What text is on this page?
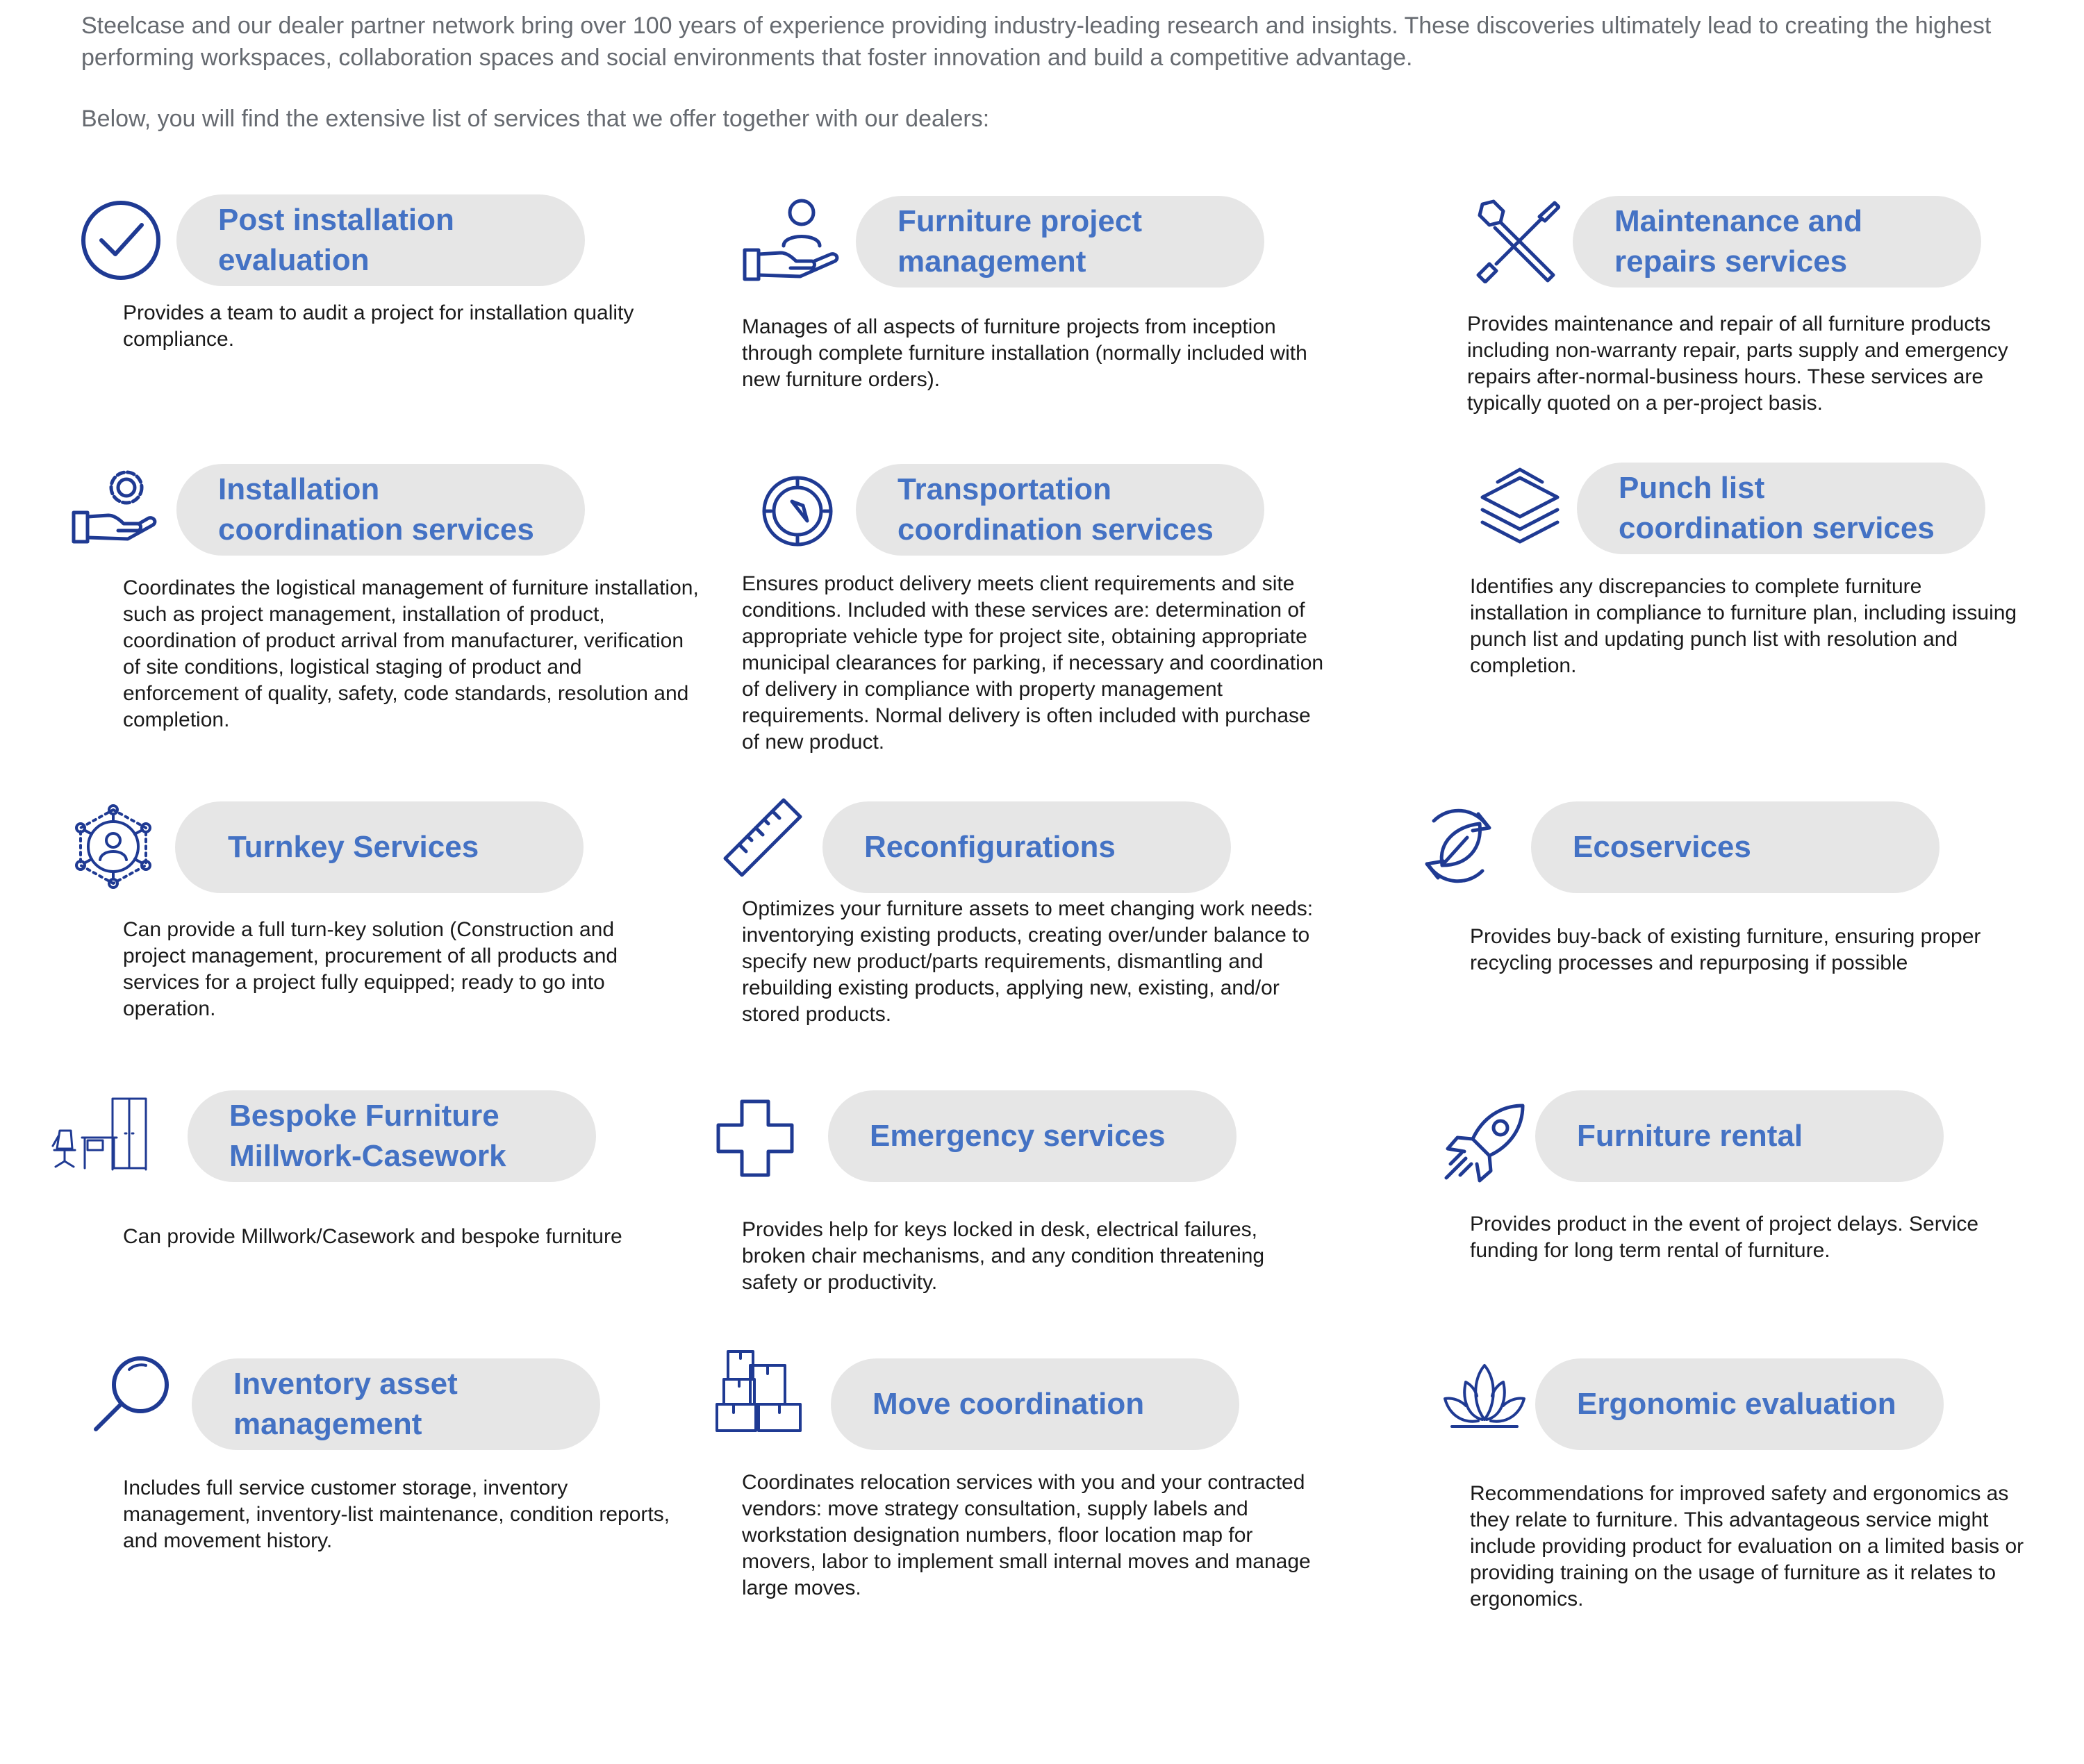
Steelcase and our dealer partner network bring over 100 years of experience providing industry-leading research and insights. These discoveries ultimately lead to creating the highest performing workspaces, collaboration spaces and social environments that foster innovation and build a competitive advantage.

Below, you will find the extensive list of services that we offer together with our dealers:

Post installation
evaluation

Provides a team to audit a project for installation quality compliance.

Furniture project
management

Manages of all aspects of furniture projects from inception through complete furniture installation (normally included with new furniture orders).

Maintenance and
repairs services

Provides maintenance and repair of all furniture products including non-warranty repair, parts supply and emergency repairs after-normal-business hours. These services are typically quoted on a per-project basis.

Installation
coordination services

Coordinates the logistical management of furniture installation, such as project management, installation of product, coordination of product arrival from manufacturer, verification of site conditions, logistical staging of product and enforcement of quality, safety, code standards, resolution and completion.

Transportation
coordination services

Ensures product delivery meets client requirements and site conditions. Included with these services are: determination of appropriate vehicle type for project site, obtaining appropriate municipal clearances for parking, if necessary and coordination of delivery in compliance with property management requirements. Normal delivery is often included with purchase of new product.

Punch list
coordination services

Identifies any discrepancies to complete furniture installation in compliance to furniture plan, including issuing punch list and updating punch list with resolution and completion.

Turnkey Services

Can provide a full turn-key solution (Construction and project management, procurement of all products and services for a project fully equipped; ready to go into operation.

Reconfigurations

Optimizes your furniture assets to meet changing work needs: inventorying existing products, creating over/under balance to specify new product/parts requirements, dismantling and rebuilding existing products, applying new, existing, and/or stored products.

Ecoservices

Provides buy-back of existing furniture, ensuring proper recycling processes and repurposing if possible

Bespoke Furniture
Millwork-Casework

Can provide Millwork/Casework and bespoke furniture

Emergency services

Provides help for keys locked in desk, electrical failures, broken chair mechanisms, and any condition threatening safety or productivity.

Furniture rental

Provides product in the event of project delays. Service funding for long term rental of furniture.

Inventory asset
management

Includes full service customer storage, inventory management, inventory-list maintenance, condition reports, and movement history.

Move coordination

Coordinates relocation services with you and your contracted vendors: move strategy consultation, supply labels and workstation designation numbers, floor location map for movers, labor to implement small internal moves and manage large moves.

Ergonomic evaluation

Recommendations for improved safety and ergonomics as they relate to furniture. This advantageous service might include providing product for evaluation on a limited basis or providing training on the usage of furniture as it relates to ergonomics.
